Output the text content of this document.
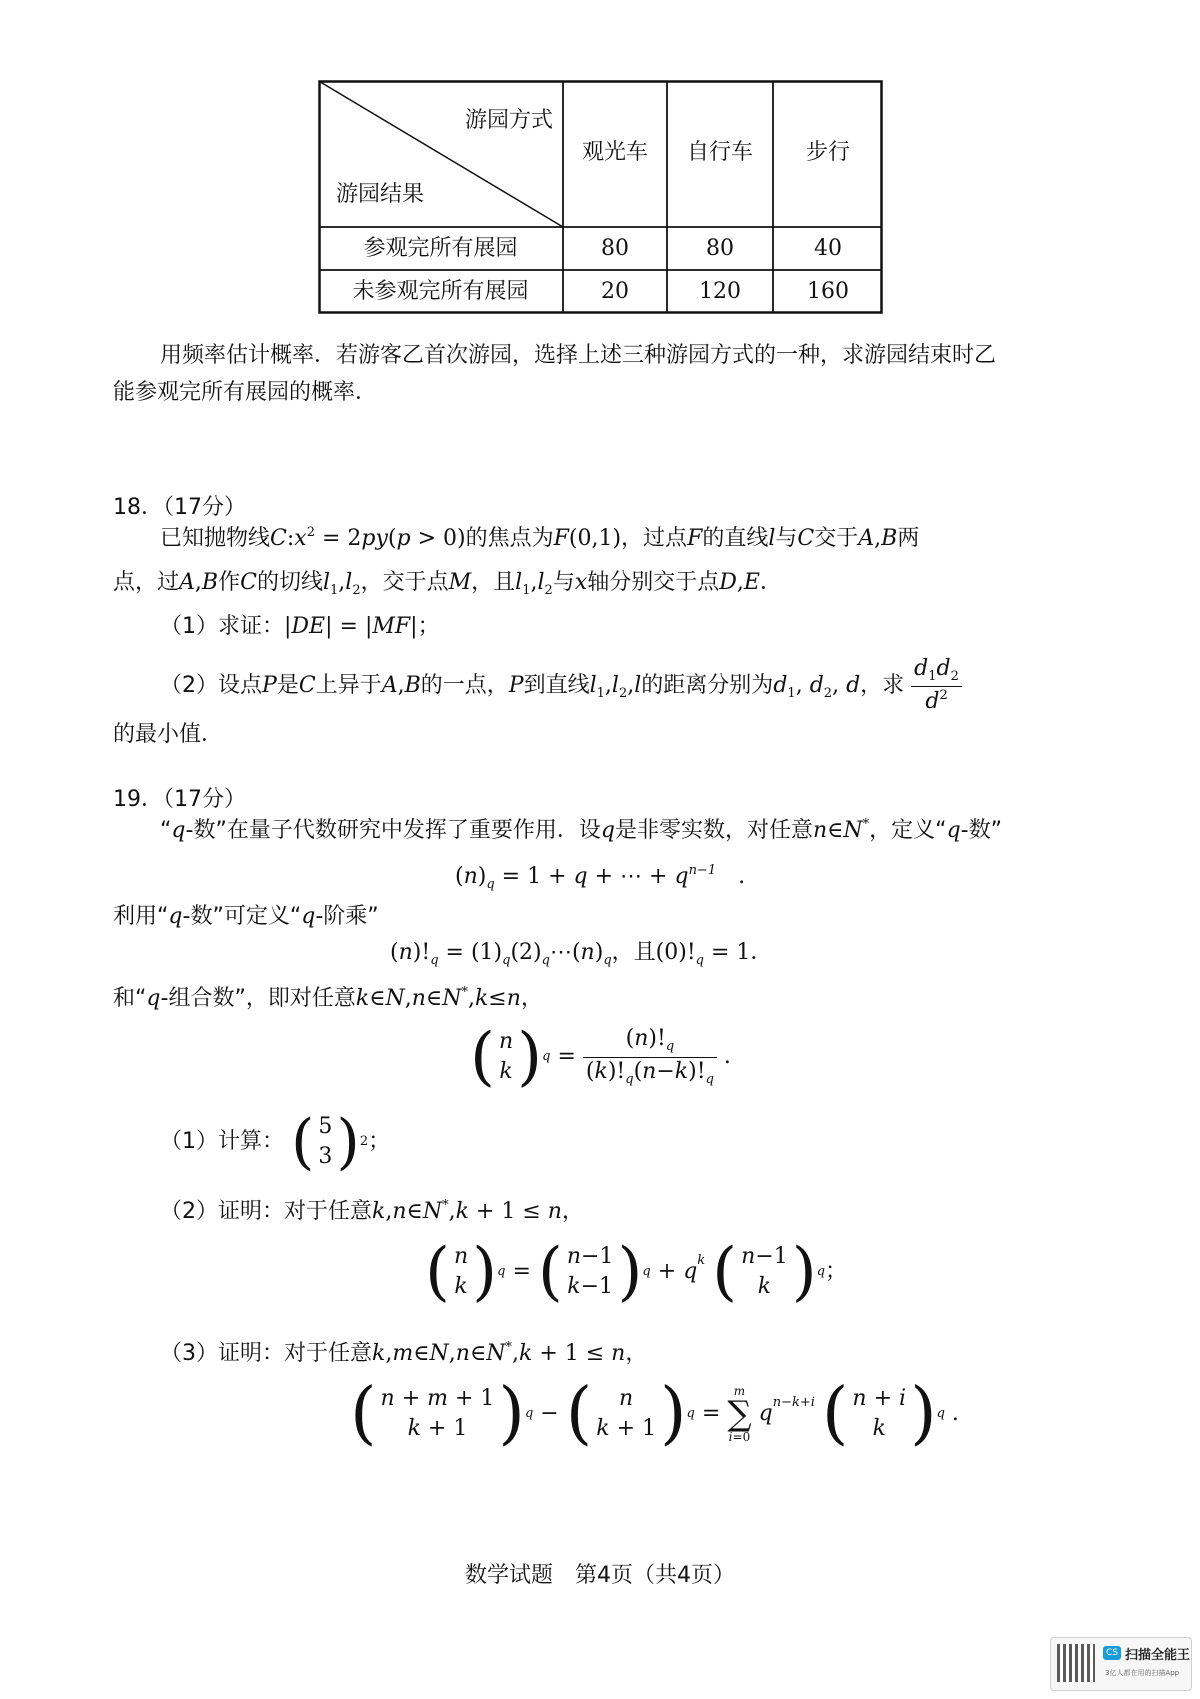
游园方式
游园结果
观光车	自行车	步行
参观完所有展园	80	80	40
未参观完所有展园	20	120	160
用频率估计概率．若游客乙首次游园，选择上述三种游园方式的一种，求游园结束时乙
能参观完所有展园的概率．
18．（17分）
已知抛物线$C:x^2 = 2py(p > 0)$的焦点为F(0,1)，过点F的直线l与C交于A,B两
点，过A,B作C的切线$l_1,l_2$，交于点M，且$l_1,l_2$与x轴分别交于点D,E．
（1）求证：|DE| = |MF|；
（2）设点P是C上异于A,B的一点，P到直线$l_1,l_2,l$的距离分别为$d_1$, $d_2$, d，求 $\frac{d_1d_2}{d^2}$
的最小值．
19．（17分）
“q-数”在量子代数研究中发挥了重要作用．设q是非零实数，对任意n∈N*，定义“q-数”
$(n)_q = 1 + q$ + ⋯ + $q^{n-1}$　.
利用“q-数”可定义“q-阶乘”
$(n)!_q$ = $(1)_q(2)_q\cdots(n)_q$，且$(0)!_q = 1$．
和“q-组合数”，即对任意k∈N,n∈N*,k≤n，
( n
k ) $q = \frac{(n)!_q}{(k)!_q(n-k)!_q}$ .
（1）计算： ( 5
3 ) 2 ；
（2）证明：对于任意k,n∈N*,k + 1 ≤ n，
( n
k ) q = ( n−1
k−1 ) $q + q^k$ ( n−1
k ) q ；
（3）证明：对于任意k,m∈N,n∈N*,k + 1 ≤ n，
( n + m + 1
k + 1 ) q − ( n
k + 1 ) q =
m
∑
i=0
$q^{n-k+i}$ ( n + i
k ) q .
数学试题　第4页（共4页）
CS 扫描全能王
3亿人都在用的扫描App
